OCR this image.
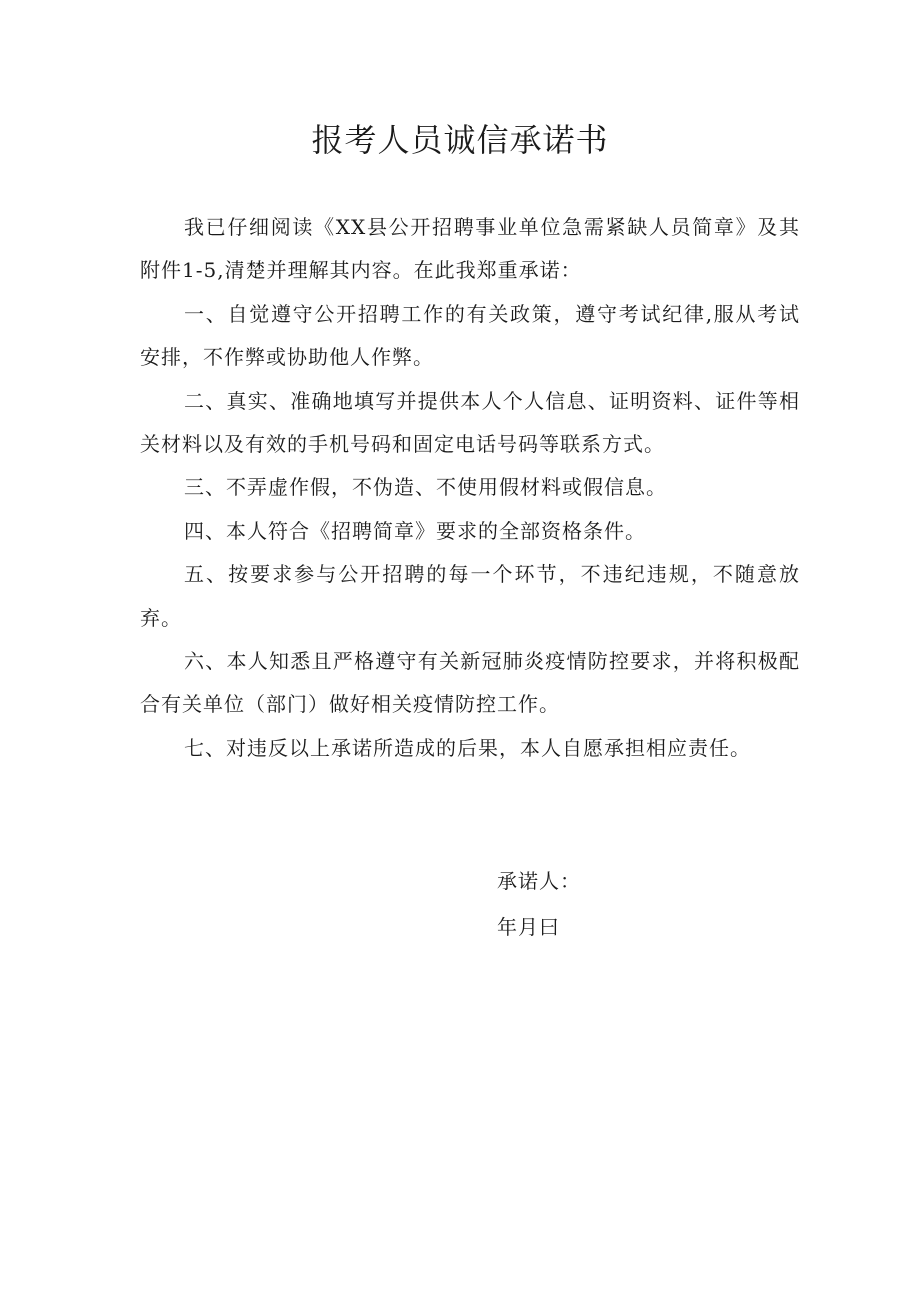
报考人员诚信承诺书

我已仔细阅读《XX县公开招聘事业单位急需紧缺人员简章》及其附件1-5,清楚并理解其内容。在此我郑重承诺：

一、自觉遵守公开招聘工作的有关政策，遵守考试纪律,服从考试安排，不作弊或协助他人作弊。

二、真实、准确地填写并提供本人个人信息、证明资料、证件等相关材料以及有效的手机号码和固定电话号码等联系方式。

三、不弄虚作假，不伪造、不使用假材料或假信息。

四、本人符合《招聘简章》要求的全部资格条件。

五、按要求参与公开招聘的每一个环节，不违纪违规，不随意放弃。

六、本人知悉且严格遵守有关新冠肺炎疫情防控要求，并将积极配合有关单位（部门）做好相关疫情防控工作。

七、对违反以上承诺所造成的后果，本人自愿承担相应责任。

承诺人：
年月曰
